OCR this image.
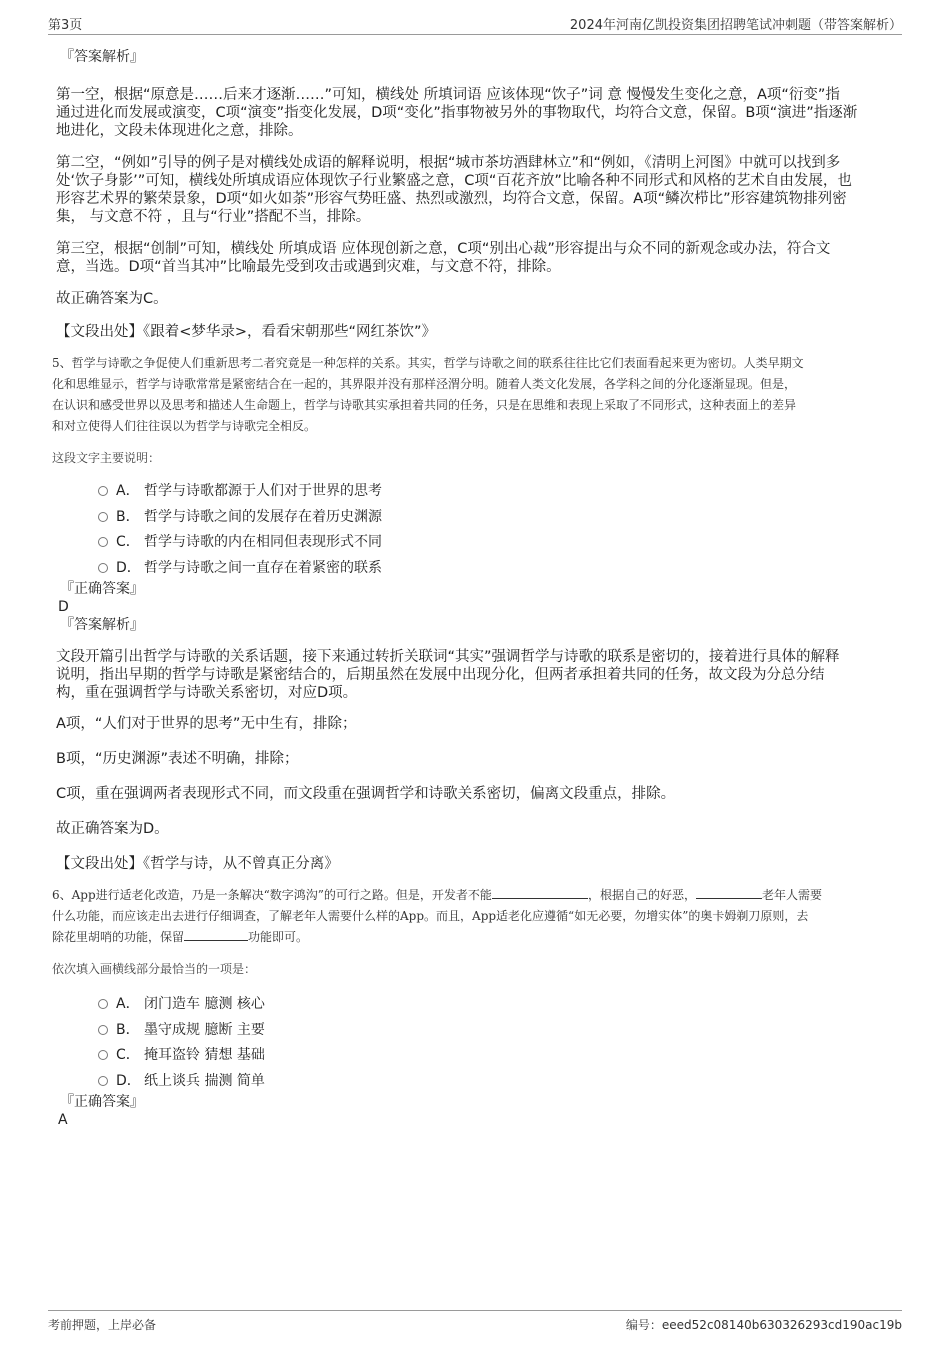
第3页	2024年河南亿凯投资集团招聘笔试冲刺题（带答案解析）

『答案解析』

第一空，根据“原意是……后来才逐渐……”可知，横线处 所填词语 应该体现“饮子”词 意 慢慢发生变化之意，A项“衍变”指

通过进化而发展或演变，C项“演变”指变化发展，D项“变化”指事物被另外的事物取代，均符合文意，保留。B项“演进”指逐渐

地进化，文段未体现进化之意，排除。

第二空，“例如”引导的例子是对横线处成语的解释说明，根据“城市茶坊酒肆林立”和“例如，《清明上河图》中就可以找到多

处‘饮子身影’”可知，横线处所填成语应体现饮子行业繁盛之意，C项“百花齐放”比喻各种不同形式和风格的艺术自由发展，也

形容艺术界的繁荣景象，D项“如火如荼”形容气势旺盛、热烈或激烈，均符合文意，保留。A项“鳞次栉比”形容建筑物排列密

集， 与文意不符 ，且与“行业”搭配不当，排除。

第三空，根据“创制”可知，横线处 所填成语 应体现创新之意，C项“别出心裁”形容提出与众不同的新观念或办法，符合文

意，当选。D项“首当其冲”比喻最先受到攻击或遇到灾难，与文意不符，排除。

故正确答案为C。

【文段出处】《跟着<梦华录>，看看宋朝那些“网红茶饮”》

5、哲学与诗歌之争促使人们重新思考二者究竟是一种怎样的关系。其实，哲学与诗歌之间的联系往往比它们表面看起来更为密切。人类早期文

化和思维显示，哲学与诗歌常常是紧密结合在一起的，其界限并没有那样泾渭分明。随着人类文化发展，各学科之间的分化逐渐显现。但是，

在认识和感受世界以及思考和描述人生命题上，哲学与诗歌其实承担着共同的任务，只是在思维和表现上采取了不同形式，这种表面上的差异

和对立使得人们往往误以为哲学与诗歌完全相反。

这段文字主要说明：

A． 哲学与诗歌都源于人们对于世界的思考
B． 哲学与诗歌之间的发展存在着历史渊源
C． 哲学与诗歌的内在相同但表现形式不同
D． 哲学与诗歌之间一直存在着紧密的联系

『正确答案』

D

『答案解析』

文段开篇引出哲学与诗歌的关系话题，接下来通过转折关联词“其实”强调哲学与诗歌的联系是密切的，接着进行具体的解释

说明，指出早期的哲学与诗歌是紧密结合的，后期虽然在发展中出现分化，但两者承担着共同的任务，故文段为分总分结

构，重在强调哲学与诗歌关系密切，对应D项。

A项，“人们对于世界的思考”无中生有，排除；

B项，“历史渊源”表述不明确，排除；

C项，重在强调两者表现形式不同，而文段重在强调哲学和诗歌关系密切，偏离文段重点，排除。

故正确答案为D。

【文段出处】《哲学与诗，从不曾真正分离》

6、App进行适老化改造，乃是一条解决“数字鸿沟”的可行之路。但是，开发者不能	，根据自己的好恶，	老年人需要

什么功能，而应该走出去进行仔细调查，了解老年人需要什么样的App。而且，App适老化应遵循“如无必要，勿增实体”的奥卡姆剃刀原则，去

除花里胡哨的功能，保留	功能即可。

依次填入画横线部分最恰当的一项是：

A． 闭门造车 臆测 核心
B． 墨守成规 臆断 主要
C． 掩耳盗铃 猜想 基础
D． 纸上谈兵 揣测 简单

『正确答案』

A

考前押题，上岸必备	编号：eeed52c08140b630326293cd190ac19b
